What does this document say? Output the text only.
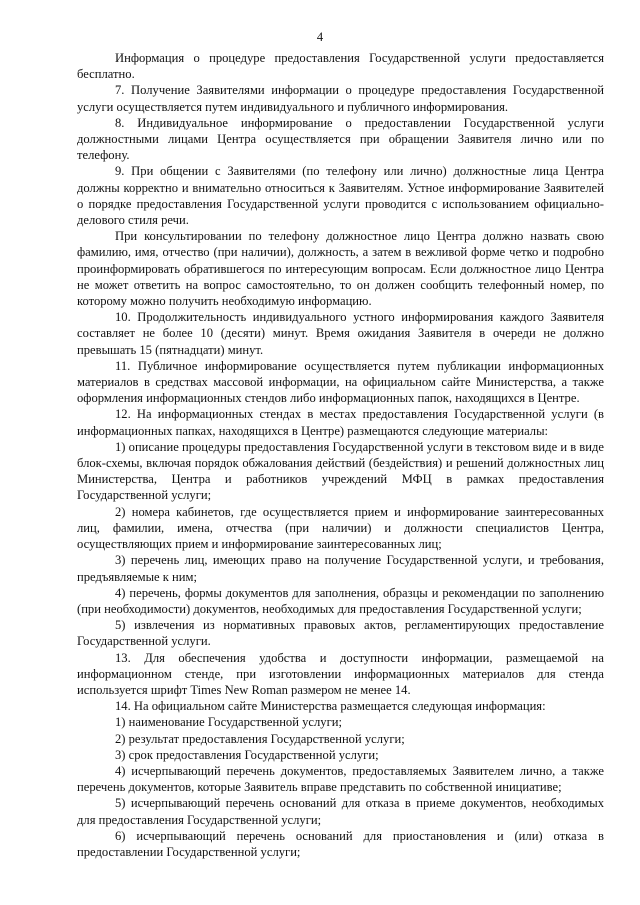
4

Информация о процедуре предоставления Государственной услуги предоставляется бесплатно.

7. Получение Заявителями информации о процедуре предоставления Государственной услуги осуществляется путем индивидуального и публичного информирования.

8. Индивидуальное информирование о предоставлении Государственной услуги должностными лицами Центра осуществляется при обращении Заявителя лично или по телефону.

9. При общении с Заявителями (по телефону или лично) должностные лица Центра должны корректно и внимательно относиться к Заявителям. Устное информирование Заявителей о порядке предоставления Государственной услуги проводится с использованием официально-делового стиля речи.

При консультировании по телефону должностное лицо Центра должно назвать свою фамилию, имя, отчество (при наличии), должность, а затем в вежливой форме четко и подробно проинформировать обратившегося по интересующим вопросам. Если должностное лицо Центра не может ответить на вопрос самостоятельно, то он должен сообщить телефонный номер, по которому можно получить необходимую информацию.

10. Продолжительность индивидуального устного информирования каждого Заявителя составляет не более 10 (десяти) минут. Время ожидания Заявителя в очереди не должно превышать 15 (пятнадцати) минут.

11. Публичное информирование осуществляется путем публикации информационных материалов в средствах массовой информации, на официальном сайте Министерства, а также оформления информационных стендов либо информационных папок, находящихся в Центре.

12. На информационных стендах в местах предоставления Государственной услуги (в информационных папках, находящихся в Центре) размещаются следующие материалы:

1) описание процедуры предоставления Государственной услуги в текстовом виде и в виде блок-схемы, включая порядок обжалования действий (бездействия) и решений должностных лиц Министерства, Центра и работников учреждений МФЦ в рамках предоставления Государственной услуги;

2) номера кабинетов, где осуществляется прием и информирование заинтересованных лиц, фамилии, имена, отчества (при наличии) и должности специалистов Центра, осуществляющих прием и информирование заинтересованных лиц;

3) перечень лиц, имеющих право на получение Государственной услуги, и требования, предъявляемые к ним;

4) перечень, формы документов для заполнения, образцы и рекомендации по заполнению (при необходимости) документов, необходимых для предоставления Государственной услуги;

5) извлечения из нормативных правовых актов, регламентирующих предоставление Государственной услуги.

13. Для обеспечения удобства и доступности информации, размещаемой на информационном стенде, при изготовлении информационных материалов для стенда используется шрифт Times New Roman размером не менее 14.

14. На официальном сайте Министерства размещается следующая информация:

1) наименование Государственной услуги;

2) результат предоставления Государственной услуги;

3) срок предоставления Государственной услуги;

4) исчерпывающий перечень документов, предоставляемых Заявителем лично, а также перечень документов, которые Заявитель вправе представить по собственной инициативе;

5) исчерпывающий перечень оснований для отказа в приеме документов, необходимых для предоставления Государственной услуги;

6) исчерпывающий перечень оснований для приостановления и (или) отказа в предоставлении Государственной услуги;
